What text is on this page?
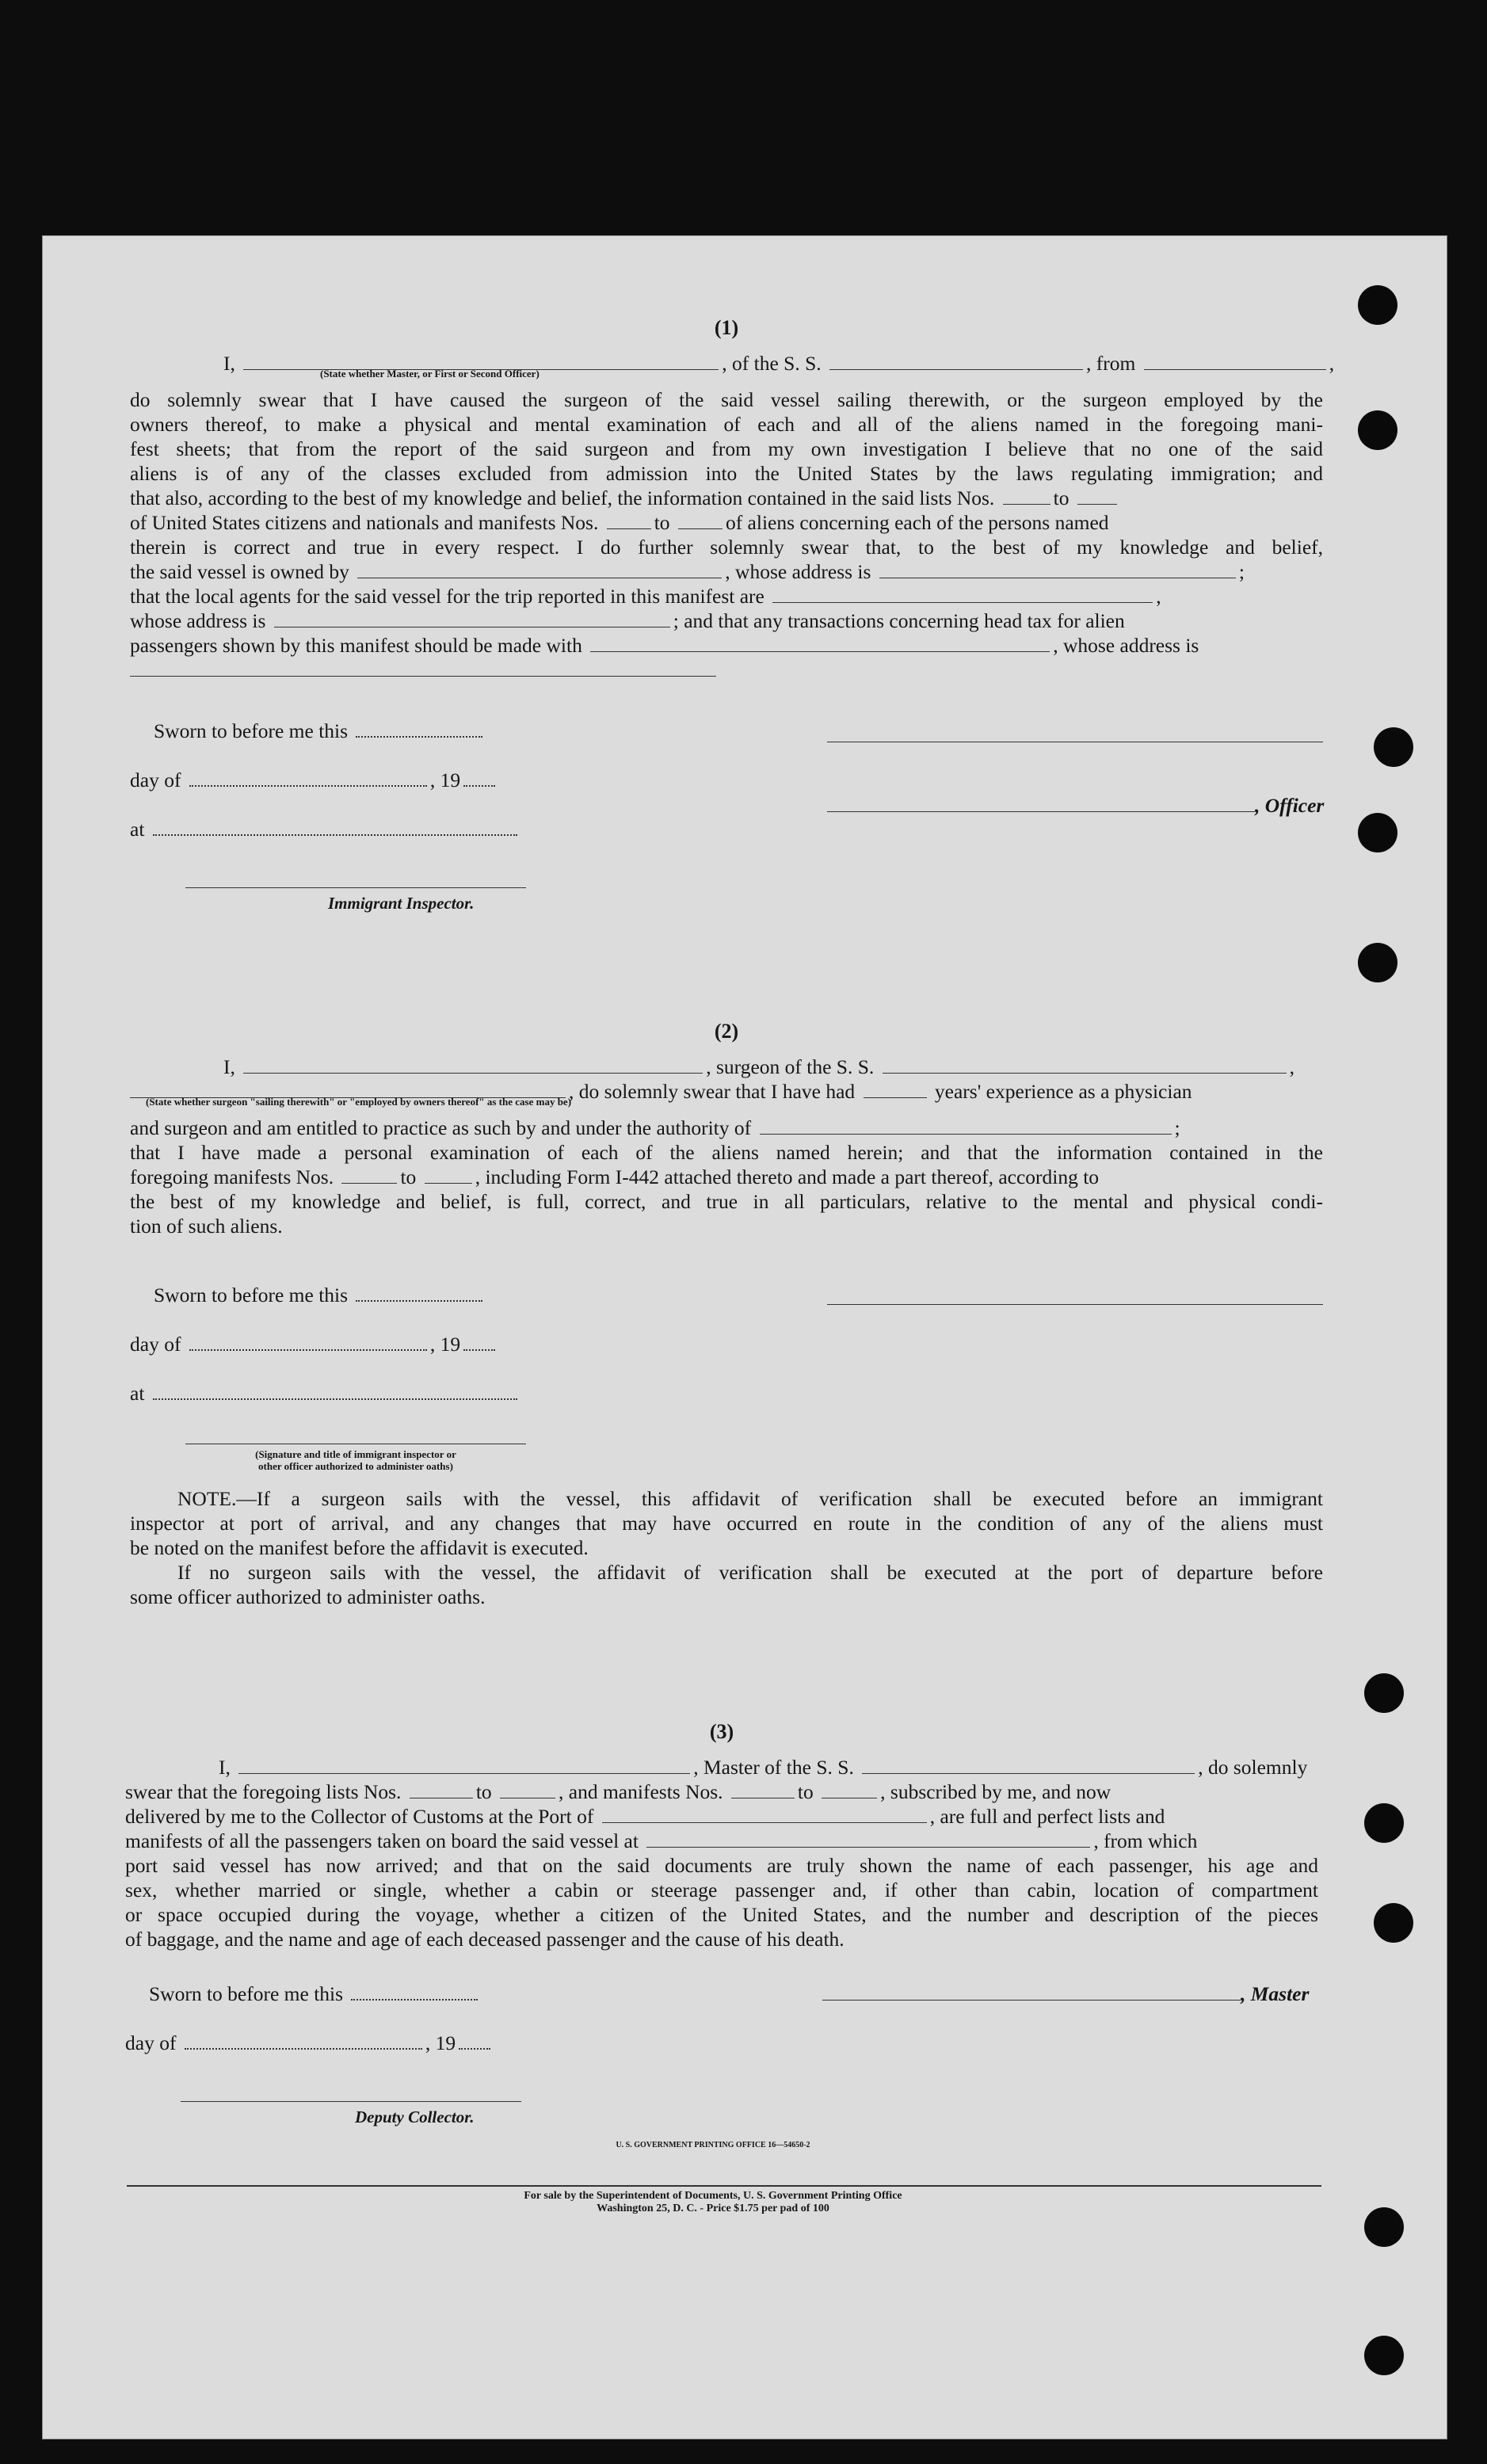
(1)
I,	, of the S. S.	, from	,
(State whether Master, or First or Second Officer)
do solemnly swear that I have caused the surgeon of the said vessel sailing therewith, or the surgeon employed by the
owners thereof, to make a physical and mental examination of each and all of the aliens named in the foregoing mani-
fest sheets; that from the report of the said surgeon and from my own investigation I believe that no one of the said
aliens is of any of the classes excluded from admission into the United States by the laws regulating immigration; and
that also, according to the best of my knowledge and belief, the information contained in the said lists Nos.	to
of United States citizens and nationals and manifests Nos.	to	of aliens concerning each of the persons named
therein is correct and true in every respect. I do further solemnly swear that, to the best of my knowledge and belief,
the said vessel is owned by	, whose address is	;
that the local agents for the said vessel for the trip reported in this manifest are	,
whose address is	; and that any transactions concerning head tax for alien
passengers shown by this manifest should be made with	, whose address is
Sworn to before me this
day of	, 19
at
Immigrant Inspector.
, Officer
(2)
I,	, surgeon of the S. S.	,
, do solemnly swear that I have had	years' experience as a physician
(State whether surgeon "sailing therewith" or "employed by owners thereof" as the case may be)
and surgeon and am entitled to practice as such by and under the authority of	;
that I have made a personal examination of each of the aliens named herein; and that the information contained in the
foregoing manifests Nos.	to	, including Form I-442 attached thereto and made a part thereof, according to
the best of my knowledge and belief, is full, correct, and true in all particulars, relative to the mental and physical condi-
tion of such aliens.
Sworn to before me this
day of	, 19
at
(Signature and title of immigrant inspector or
other officer authorized to administer oaths)
NOTE.—If a surgeon sails with the vessel, this affidavit of verification shall be executed before an immigrant
inspector at port of arrival, and any changes that may have occurred en route in the condition of any of the aliens must
be noted on the manifest before the affidavit is executed.
If no surgeon sails with the vessel, the affidavit of verification shall be executed at the port of departure before
some officer authorized to administer oaths.
(3)
I,	, Master of the S. S.	, do solemnly
swear that the foregoing lists Nos.	to	, and manifests Nos.	to	, subscribed by me, and now
delivered by me to the Collector of Customs at the Port of	, are full and perfect lists and
manifests of all the passengers taken on board the said vessel at	, from which
port said vessel has now arrived; and that on the said documents are truly shown the name of each passenger, his age and
sex, whether married or single, whether a cabin or steerage passenger and, if other than cabin, location of compartment
or space occupied during the voyage, whether a citizen of the United States, and the number and description of the pieces
of baggage, and the name and age of each deceased passenger and the cause of his death.
Sworn to before me this
day of	, 19
Deputy Collector.
, Master
U. S. GOVERNMENT PRINTING OFFICE 16—54650-2
For sale by the Superintendent of Documents, U. S. Government Printing Office
Washington 25, D. C. - Price $1.75 per pad of 100
